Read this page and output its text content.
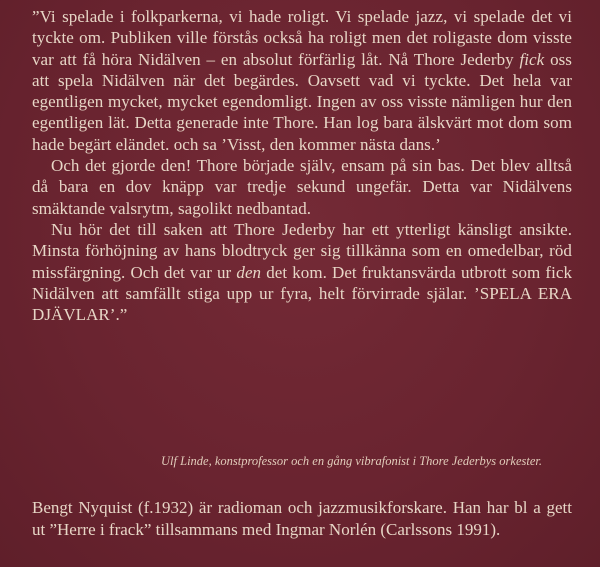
”Vi spelade i folkparkerna, vi hade roligt. Vi spelade jazz, vi spelade det vi tyckte om. Publiken ville förstås också ha roligt men det roligaste dom visste var att få höra Nidälven – en absolut förfärlig låt. Nå Thore Jederby fick oss att spela Nidälven när det begärdes. Oavsett vad vi tyckte. Det hela var egentligen mycket, mycket egendomligt. Ingen av oss visste nämligen hur den egentligen lät. Detta generade inte Thore. Han log bara älskvärt mot dom som hade begärt eländet. och sa ’Visst, den kommer nästa dans.’

Och det gjorde den! Thore började själv, ensam på sin bas. Det blev alltså då bara en dov knäpp var tredje sekund ungefär. Detta var Nidälvens smäktande valsrytm, sagolikt nedbantad.

Nu hör det till saken att Thore Jederby har ett ytterligt känsligt ansikte. Minsta förhöjning av hans blodtryck ger sig tillkänna som en omedelbar, röd missfärgning. Och det var ur den det kom. Det fruktansvärda utbrott som fick Nidälven att samfällt stiga upp ur fyra, helt förvirrade själar. ’SPELA ERA DJÄVLAR’.”

Ulf Linde, konstprofessor och en gång vibrafonist i Thore Jederbys orkester.
Bengt Nyquist (f.1932) är radioman och jazzmusikforskare. Han har bl a gett ut ”Herre i frack” tillsammans med Ingmar Norlén (Carlssons 1991).
